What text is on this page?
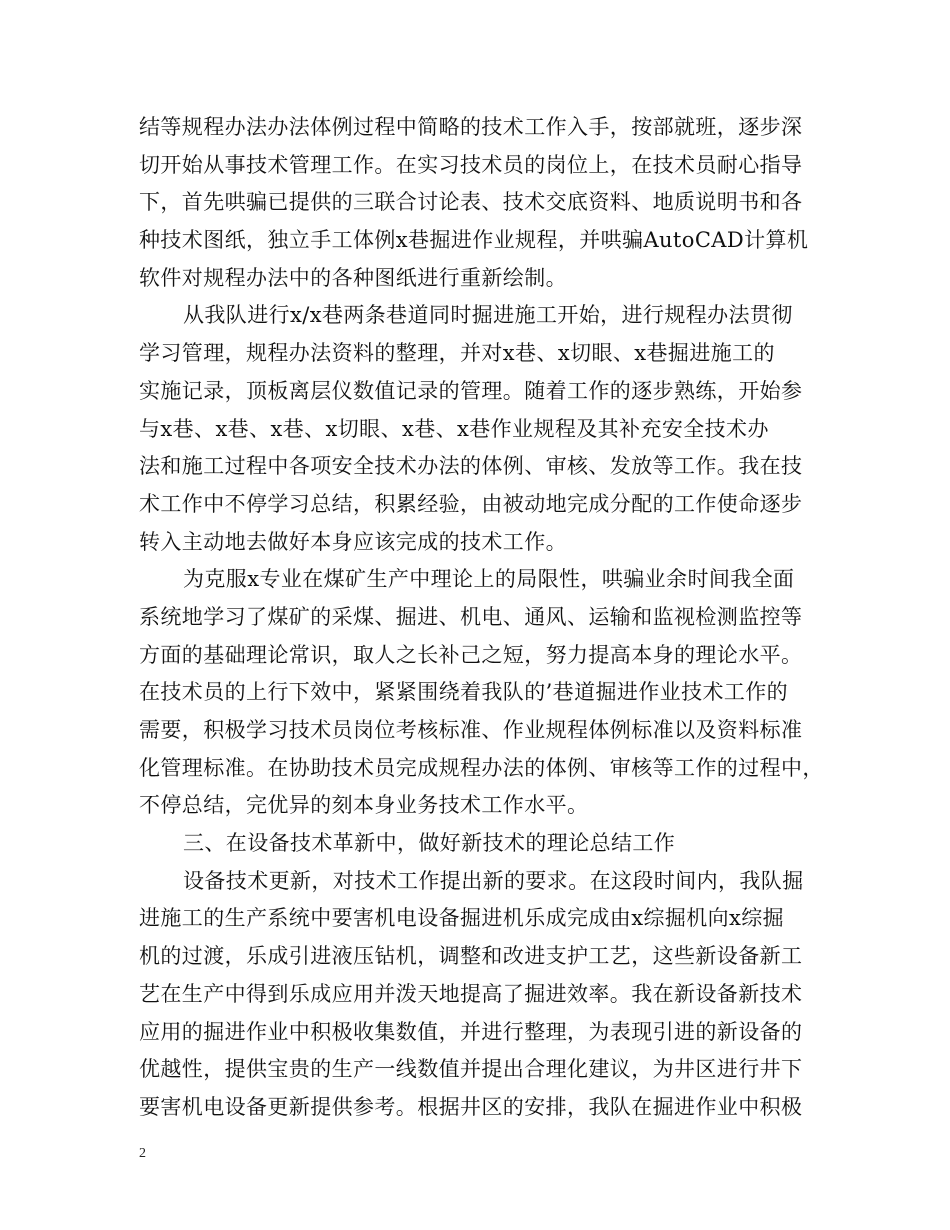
结等规程办法办法体例过程中简略的技术工作入手，按部就班，逐步深
切开始从事技术管理工作。在实习技术员的岗位上，在技术员耐心指导
下，首先哄骗已提供的三联合讨论表、技术交底资料、地质说明书和各
种技术图纸，独立手工体例x巷掘进作业规程，并哄骗AutoCAD计算机
软件对规程办法中的各种图纸进行重新绘制。
从我队进行x/x巷两条巷道同时掘进施工开始，进行规程办法贯彻
学习管理，规程办法资料的整理，并对x巷、x切眼、x巷掘进施工的
实施记录，顶板离层仪数值记录的管理。随着工作的逐步熟练，开始参
与x巷、x巷、x巷、x切眼、x巷、x巷作业规程及其补充安全技术办
法和施工过程中各项安全技术办法的体例、审核、发放等工作。我在技
术工作中不停学习总结，积累经验，由被动地完成分配的工作使命逐步
转入主动地去做好本身应该完成的技术工作。
为克服x专业在煤矿生产中理论上的局限性，哄骗业余时间我全面
系统地学习了煤矿的采煤、掘进、机电、通风、运输和监视检测监控等
方面的基础理论常识，取人之长补己之短，努力提高本身的理论水平。
在技术员的上行下效中，紧紧围绕着我队的’巷道掘进作业技术工作的
需要，积极学习技术员岗位考核标准、作业规程体例标准以及资料标准
化管理标准。在协助技术员完成规程办法的体例、审核等工作的过程中，
不停总结，完优异的刻本身业务技术工作水平。
三、在设备技术革新中，做好新技术的理论总结工作
设备技术更新，对技术工作提出新的要求。在这段时间内，我队掘
进施工的生产系统中要害机电设备掘进机乐成完成由x综掘机向x综掘
机的过渡，乐成引进液压钻机，调整和改进支护工艺，这些新设备新工
艺在生产中得到乐成应用并泼天地提高了掘进效率。我在新设备新技术
应用的掘进作业中积极收集数值，并进行整理，为表现引进的新设备的
优越性，提供宝贵的生产一线数值并提出合理化建议，为井区进行井下
要害机电设备更新提供参考。根据井区的安排，我队在掘进作业中积极
2
